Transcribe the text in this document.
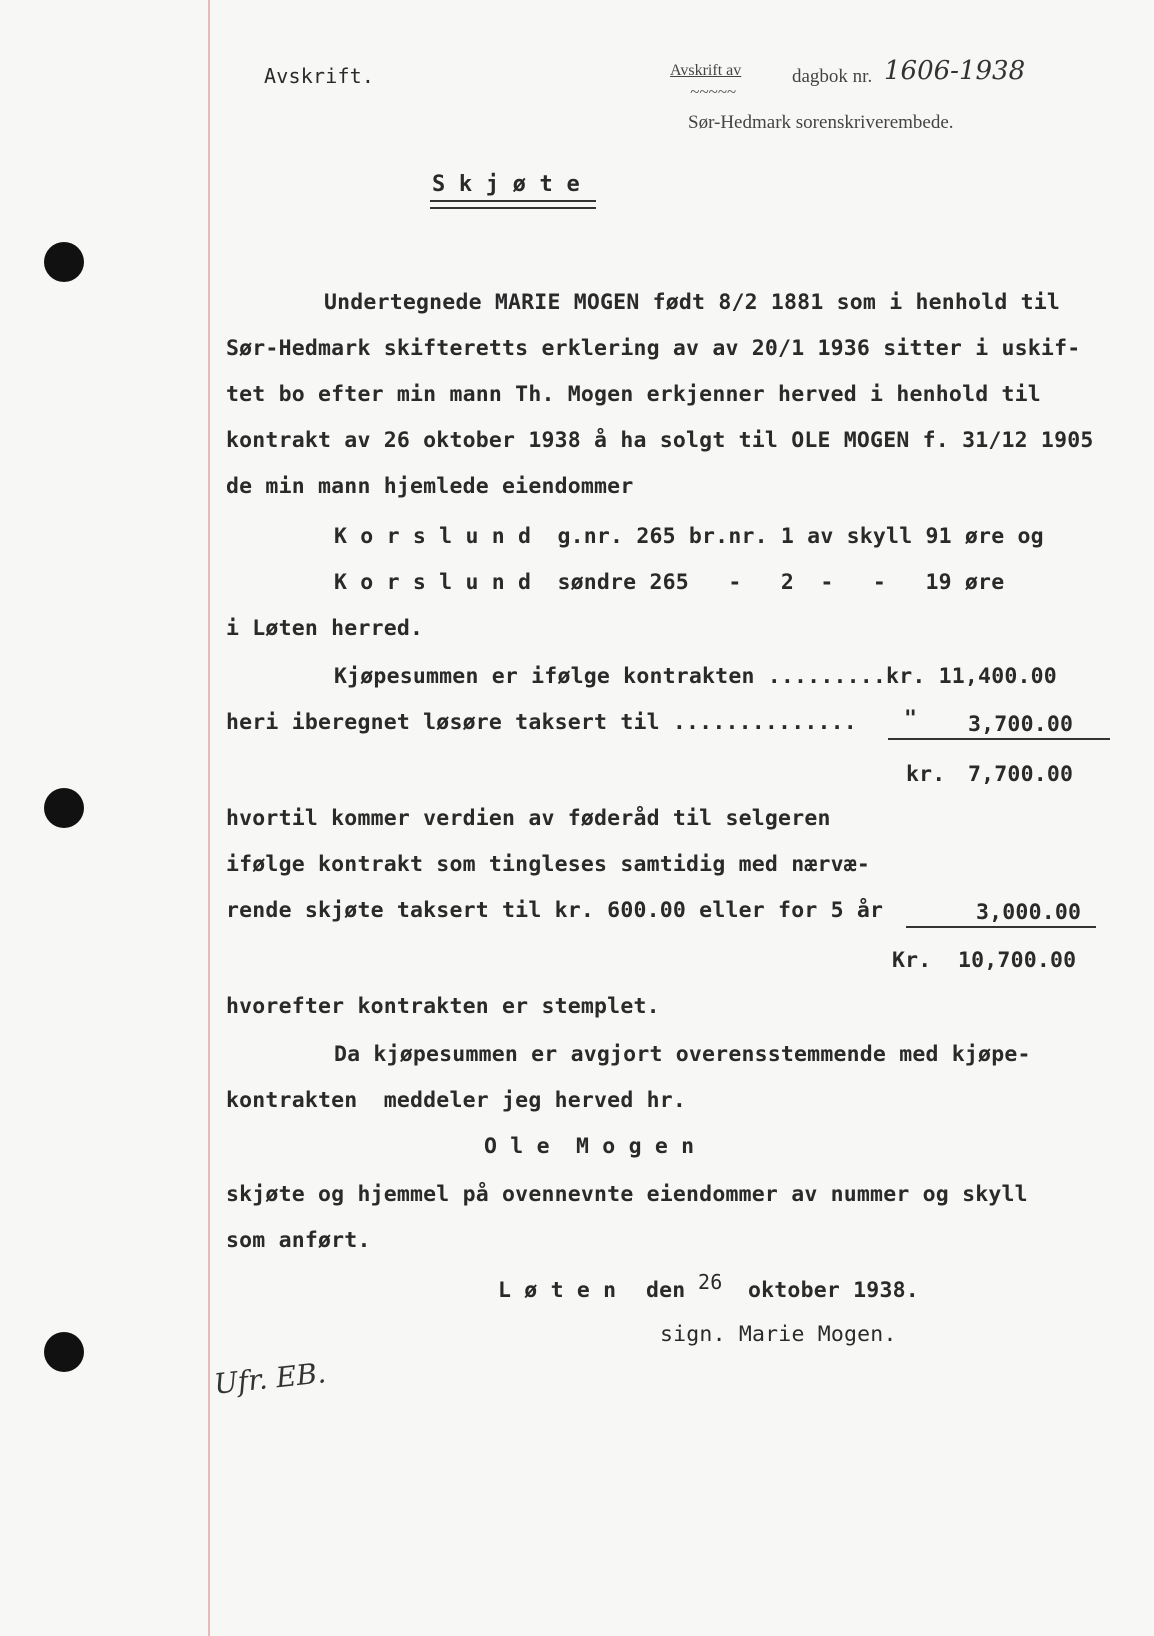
Avskrift.	Avskrift av	dagbok nr. 1606-1938
~~~~~
Sør-Hedmark sorenskriverembede.
S k j ø t e
Undertegnede MARIE MOGEN født 8/2 1881 som i henhold til
Sør-Hedmark skifteretts erklering av av 20/1 1936 sitter i uskif-
tet bo efter min mann Th. Mogen erkjenner herved i henhold til
kontrakt av 26 oktober 1938 å ha solgt til OLE MOGEN f. 31/12 1905
de min mann hjemlede eiendommer
K o r s l u n d  g.nr. 265 br.nr. 1 av skyll 91 øre og
K o r s l u n d  søndre 265   -   2  -   -   19 øre
i Løten herred.
Kjøpesummen er ifølge kontrakten .........kr. 11,400.00
heri iberegnet løsøre taksert til .............. " 3,700.00
kr. 7,700.00
hvortil kommer verdien av føderåd til selgeren
ifølge kontrakt som tingleses samtidig med nærvæ-
rende skjøte taksert til kr. 600.00 eller for 5 år	3,000.00
Kr. 10,700.00
hvorefter kontrakten er stemplet.
Da kjøpesummen er avgjort overensstemmende med kjøpe-
kontrakten  meddeler jeg herved hr.
O l e  M o g e n
skjøte og hjemmel på ovennevnte eiendommer av nummer og skyll
som anført.
L ø t e n den 26 oktober 1938.
sign. Marie Mogen.
Ufr. EB.
